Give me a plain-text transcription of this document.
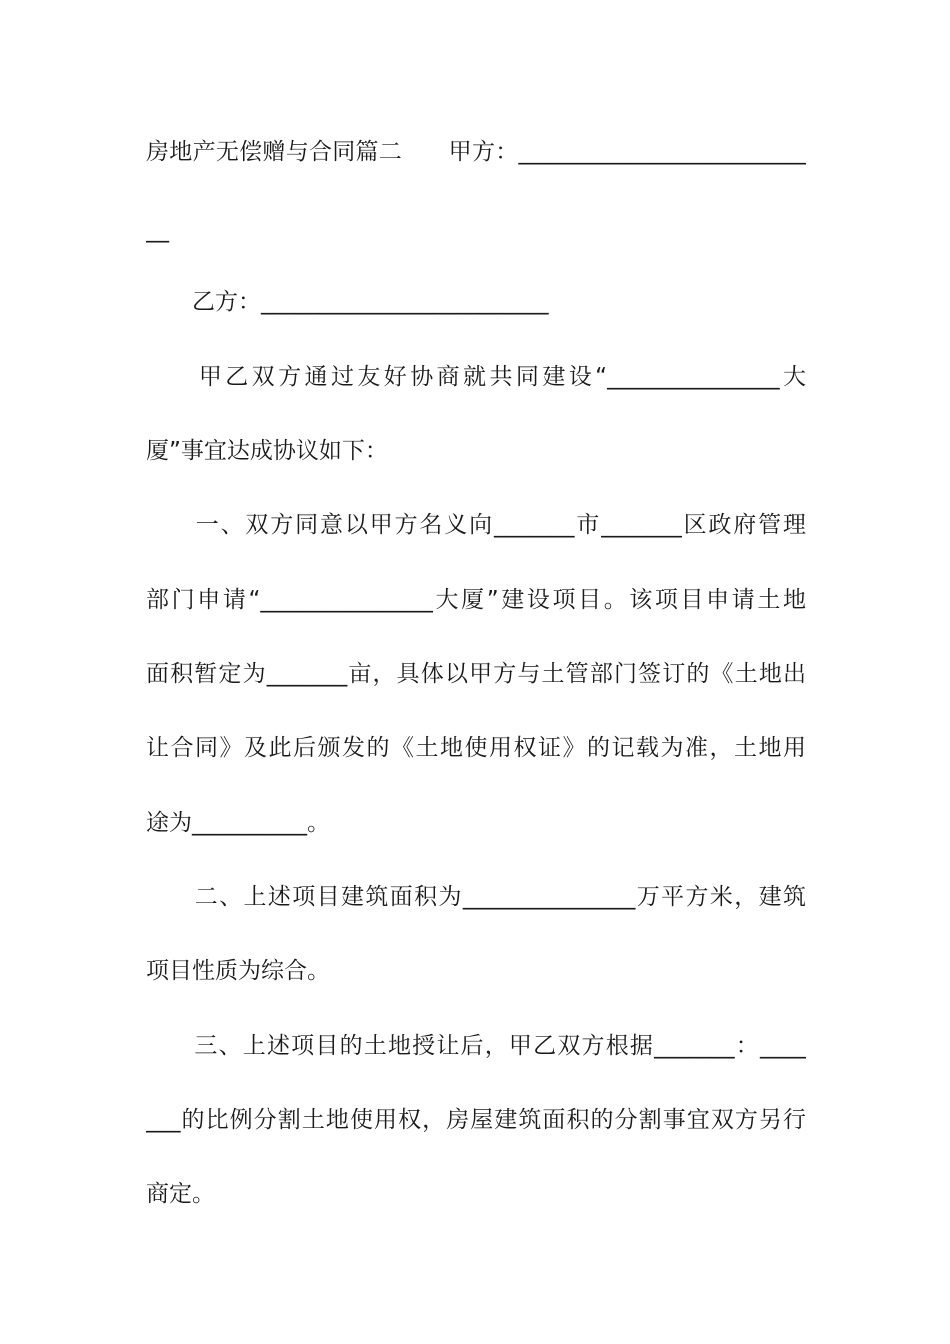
房地产无偿赠与合同篇二　　甲方：_________________________
__
　　乙方：_________________________
　　甲乙双方通过友好协商就共同建设“_______________大
厦”事宜达成协议如下：
　　一、双方同意以甲方名义向_______市_______区政府管理
部门申请“_______________大厦”建设项目。该项目申请土地
面积暂定为_______亩，具体以甲方与土管部门签订的《土地出
让合同》及此后颁发的《土地使用权证》的记载为准，土地用
途为__________。
　　二、上述项目建筑面积为_______________万平方米，建筑
项目性质为综合。
　　三、上述项目的土地授让后，甲乙双方根据_______：____
___的比例分割土地使用权，房屋建筑面积的分割事宜双方另行
商定。
